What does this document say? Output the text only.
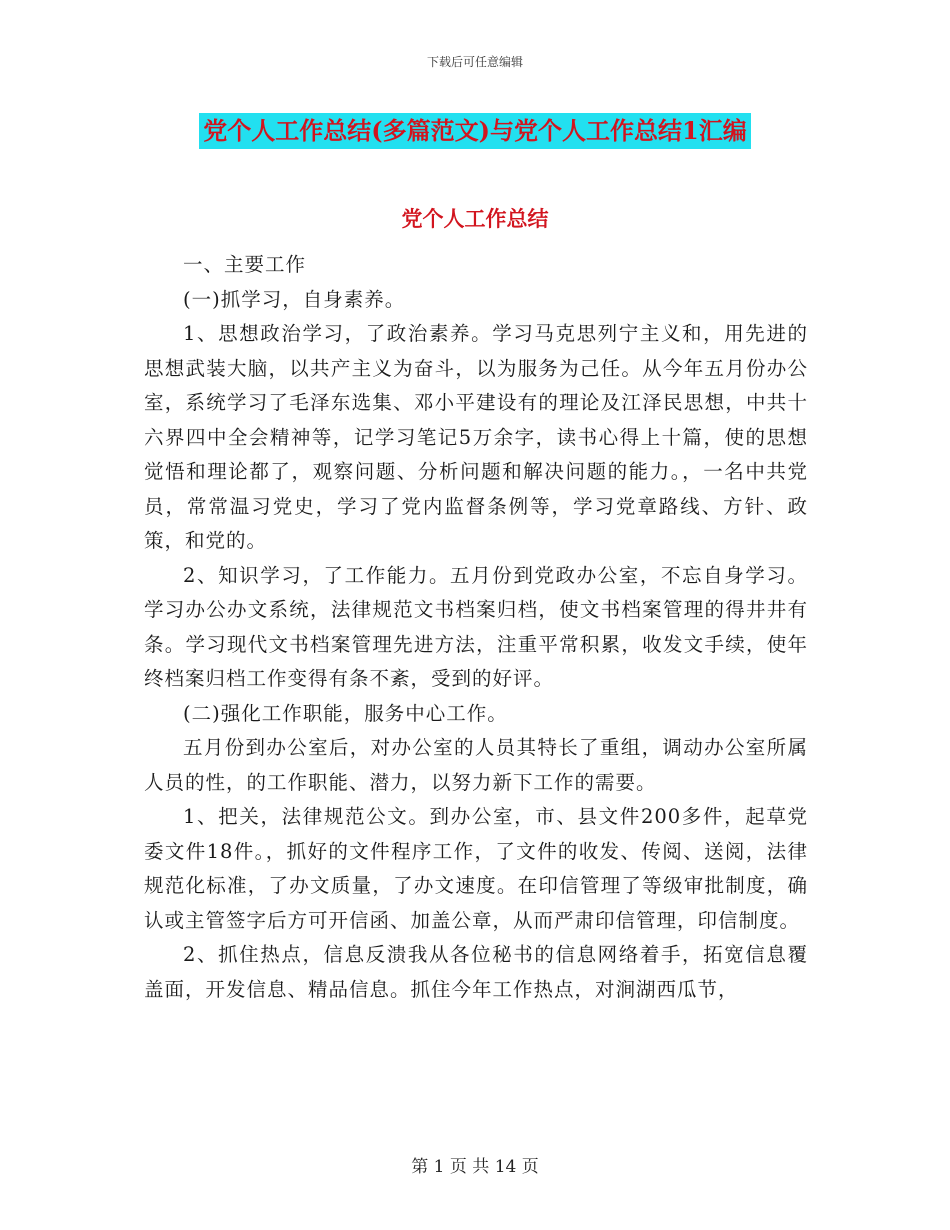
下载后可任意编辑
党个人工作总结(多篇范文)与党个人工作总结1汇编
党个人工作总结

一、主要工作

(一)抓学习，自身素养。

1、思想政治学习，了政治素养。学习马克思列宁主义和，用先进的思想武装大脑，以共产主义为奋斗，以为服务为己任。从今年五月份办公室，系统学习了毛泽东选集、邓小平建设有的理论及江泽民思想，中共十六界四中全会精神等，记学习笔记5万余字，读书心得上十篇，使的思想觉悟和理论都了，观察问题、分析问题和解决问题的能力。，一名中共党员，常常温习党史，学习了党内监督条例等，学习党章路线、方针、政策，和党的。

2、知识学习，了工作能力。五月份到党政办公室，不忘自身学习。学习办公办文系统，法律规范文书档案归档，使文书档案管理的得井井有条。学习现代文书档案管理先进方法，注重平常积累，收发文手续，使年终档案归档工作变得有条不紊，受到的好评。

(二)强化工作职能，服务中心工作。

五月份到办公室后，对办公室的人员其特长了重组，调动办公室所属人员的性，的工作职能、潜力，以努力新下工作的需要。

1、把关，法律规范公文。到办公室，市、县文件200多件，起草党委文件18件。，抓好的文件程序工作，了文件的收发、传阅、送阅，法律规范化标准，了办文质量，了办文速度。在印信管理了等级审批制度，确认或主管签字后方可开信函、加盖公章，从而严肃印信管理，印信制度。

2、抓住热点，信息反溃我从各位秘书的信息网络着手，拓宽信息覆盖面，开发信息、精品信息。抓住今年工作热点，对涧湖西瓜节，

第 1 页 共 14 页
